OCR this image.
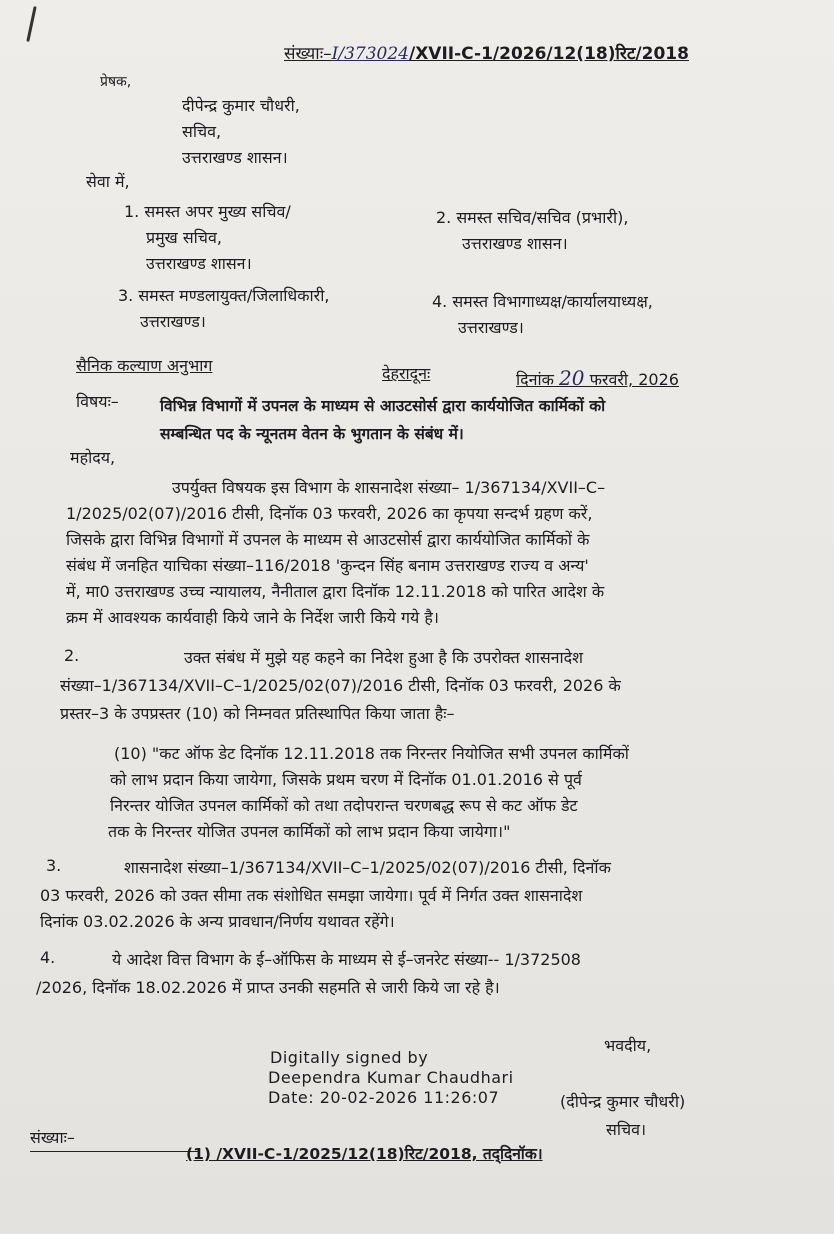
संख्याः–I/373024/XVII-C-1/2026/12(18)रिट/2018
प्रेषक,
दीपेन्द्र कुमार चौधरी,
सचिव,
उत्तराखण्ड शासन।
सेवा में,
1. समस्त अपर मुख्य सचिव/
प्रमुख सचिव,
उत्तराखण्ड शासन।
2. समस्त सचिव/सचिव (प्रभारी),
उत्तराखण्ड शासन।
3. समस्त मण्डलायुक्त/जिलाधिकारी,
उत्तराखण्ड।
4. समस्त विभागाध्यक्ष/कार्यालयाध्यक्ष,
उत्तराखण्ड।
सैनिक कल्याण अनुभाग	देहरादूनः	दिनांक 20 फरवरी, 2026
विषयः–	विभिन्न विभागों में उपनल के माध्यम से आउटसोर्स द्वारा कार्ययोजित कार्मिकों को
सम्बन्धित पद के न्यूनतम वेतन के भुगतान के संबंध में।
महोदय,
उपर्युक्त विषयक इस विभाग के शासनादेश संख्या– 1/367134/XVII–C–
1/2025/02(07)/2016 टीसी, दिनॉक 03 फरवरी, 2026 का कृपया सन्दर्भ ग्रहण करें,
जिसके द्वारा विभिन्न विभागों में उपनल के माध्यम से आउटसोर्स द्वारा कार्ययोजित कार्मिकों के
संबंध में जनहित याचिका संख्या–116/2018 'कुन्दन सिंह बनाम उत्तराखण्ड राज्य व अन्य'
में, मा0 उत्तराखण्ड उच्च न्यायालय, नैनीताल द्वारा दिनॉक 12.11.2018 को पारित आदेश के
क्रम में आवश्यक कार्यवाही किये जाने के निर्देश जारी किये गये है।
2.	उक्त संबंध में मुझे यह कहने का निदेश हुआ है कि उपरोक्त शासनादेश
संख्या–1/367134/XVII–C–1/2025/02(07)/2016 टीसी, दिनॉक 03 फरवरी, 2026 के
प्रस्तर–3 के उपप्रस्तर (10) को निम्नवत प्रतिस्थापित किया जाता हैः–
(10) "कट ऑफ डेट दिनॉक 12.11.2018 तक निरन्तर नियोजित सभी उपनल कार्मिकों
को लाभ प्रदान किया जायेगा, जिसके प्रथम चरण में दिनॉक 01.01.2016 से पूर्व
निरन्तर योजित उपनल कार्मिकों को तथा तदोपरान्त चरणबद्ध रूप से कट ऑफ डेट
तक के निरन्तर योजित उपनल कार्मिकों को लाभ प्रदान किया जायेगा।"
3.	शासनादेश संख्या–1/367134/XVII–C–1/2025/02(07)/2016 टीसी, दिनॉक
03 फरवरी, 2026 को उक्त सीमा तक संशोधित समझा जायेगा। पूर्व में निर्गत उक्त शासनादेश
दिनांक 03.02.2026 के अन्य प्रावधान/निर्णय यथावत रहेंगे।
4.	ये आदेश वित्त विभाग के ई–ऑफिस के माध्यम से ई–जनरेट संख्या-- 1/372508
/2026, दिनॉक 18.02.2026 में प्राप्त उनकी सहमति से जारी किये जा रहे है।
भवदीय,
Digitally signed by
Deependra Kumar Chaudhari
Date: 20-02-2026 11:26:07	(दीपेन्द्र कुमार चौधरी)
सचिव।
संख्याः–
(1) /XVII-C-1/2025/12(18)रिट/2018, तद्‌दिनॉक।
